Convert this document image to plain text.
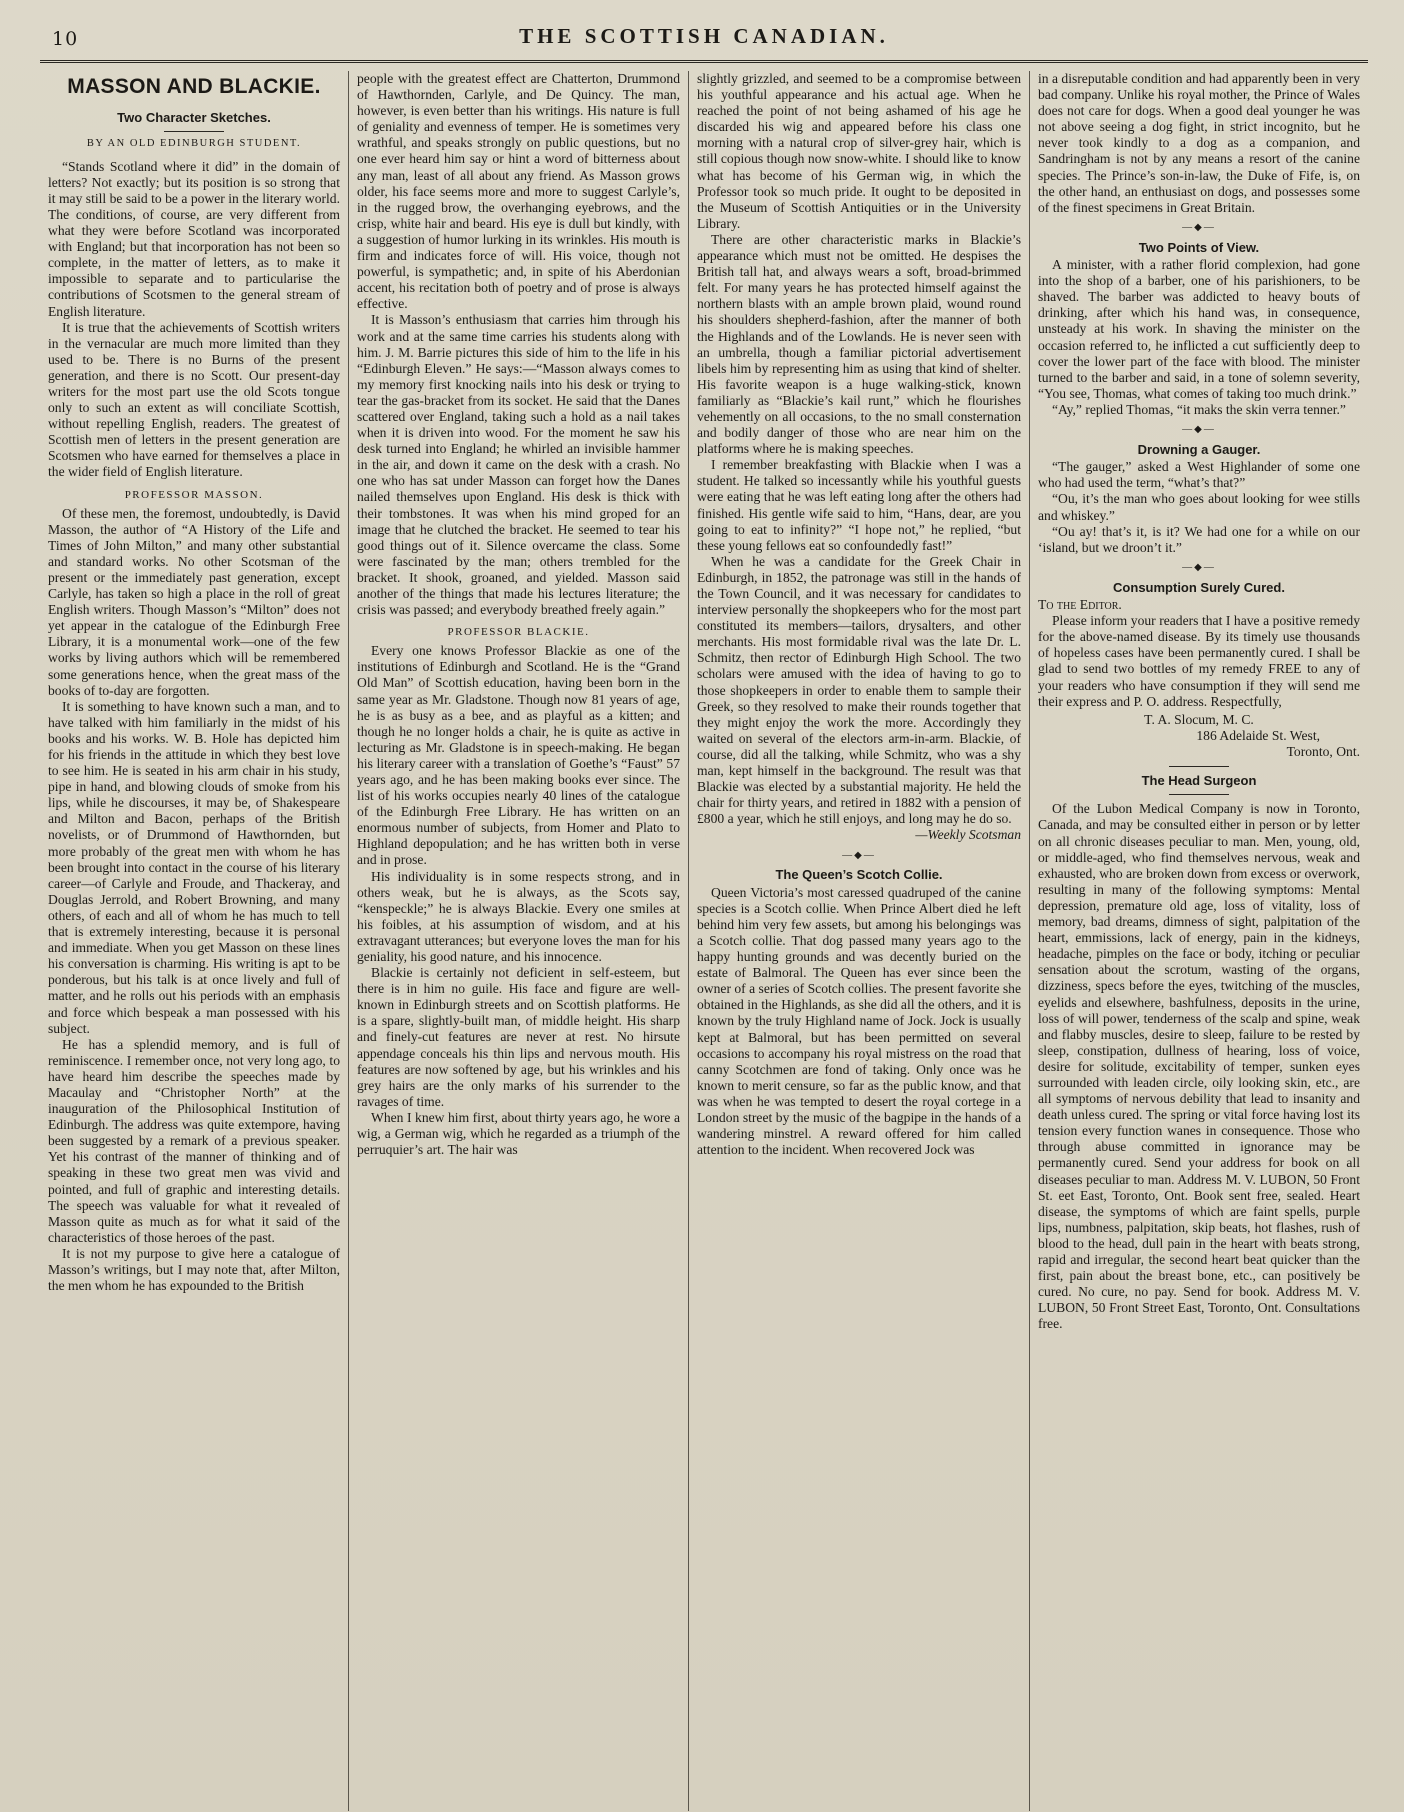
10	THE SCOTTISH CANADIAN.
MASSON AND BLACKIE.
Two Character Sketches.
BY AN OLD EDINBURGH STUDENT.

“Stands Scotland where it did” in the domain of letters? Not exactly; but its position is so strong that it may still be said to be a power in the literary world. The conditions, of course, are very different from what they were before Scotland was incorporated with England; but that incorporation has not been so complete, in the matter of letters, as to make it impossible to separate and to particularise the contributions of Scotsmen to the general stream of English literature.

It is true that the achievements of Scottish writers in the vernacular are much more limited than they used to be. There is no Burns of the present generation, and there is no Scott. Our present-day writers for the most part use the old Scots tongue only to such an extent as will conciliate Scottish, without repelling English, readers. The greatest of Scottish men of letters in the present generation are Scotsmen who have earned for themselves a place in the wider field of English literature.

PROFESSOR MASSON.

Of these men, the foremost, undoubtedly, is David Masson, the author of “A History of the Life and Times of John Milton,” and many other substantial and standard works. No other Scotsman of the present or the immediately past generation, except Carlyle, has taken so high a place in the roll of great English writers. Though Masson’s “Milton” does not yet appear in the catalogue of the Edinburgh Free Library, it is a monumental work—one of the few works by living authors which will be remembered some generations hence, when the great mass of the books of to-day are forgotten.

It is something to have known such a man, and to have talked with him familiarly in the midst of his books and his works. W. B. Hole has depicted him for his friends in the attitude in which they best love to see him. He is seated in his arm chair in his study, pipe in hand, and blowing clouds of smoke from his lips, while he discourses, it may be, of Shakespeare and Milton and Bacon, perhaps of the British novelists, or of Drummond of Hawthornden, but more probably of the great men with whom he has been brought into contact in the course of his literary career—of Carlyle and Froude, and Thackeray, and Douglas Jerrold, and Robert Browning, and many others, of each and all of whom he has much to tell that is extremely interesting, because it is personal and immediate. When you get Masson on these lines his conversation is charming. His writing is apt to be ponderous, but his talk is at once lively and full of matter, and he rolls out his periods with an emphasis and force which bespeak a man possessed with his subject.

He has a splendid memory, and is full of reminiscence. I remember once, not very long ago, to have heard him describe the speeches made by Macaulay and “Christopher North” at the inauguration of the Philosophical Institution of Edinburgh. The address was quite extempore, having been suggested by a remark of a previous speaker. Yet his contrast of the manner of thinking and of speaking in these two great men was vivid and pointed, and full of graphic and interesting details. The speech was valuable for what it revealed of Masson quite as much as for what it said of the characteristics of those heroes of the past.

It is not my purpose to give here a catalogue of Masson’s writings, but I may note that, after Milton, the men whom he has expounded to the British

people with the greatest effect are Chatterton, Drummond of Hawthornden, Carlyle, and De Quincy. The man, however, is even better than his writings. His nature is full of geniality and evenness of temper. He is sometimes very wrathful, and speaks strongly on public questions, but no one ever heard him say or hint a word of bitterness about any man, least of all about any friend. As Masson grows older, his face seems more and more to suggest Carlyle’s, in the rugged brow, the overhanging eyebrows, and the crisp, white hair and beard. His eye is dull but kindly, with a suggestion of humor lurking in its wrinkles. His mouth is firm and indicates force of will. His voice, though not powerful, is sympathetic; and, in spite of his Aberdonian accent, his recitation both of poetry and of prose is always effective.

It is Masson’s enthusiasm that carries him through his work and at the same time carries his students along with him. J. M. Barrie pictures this side of him to the life in his “Edinburgh Eleven.” He says:—“Masson always comes to my memory first knocking nails into his desk or trying to tear the gas-bracket from its socket. He said that the Danes scattered over England, taking such a hold as a nail takes when it is driven into wood. For the moment he saw his desk turned into England; he whirled an invisible hammer in the air, and down it came on the desk with a crash. No one who has sat under Masson can forget how the Danes nailed themselves upon England. His desk is thick with their tombstones. It was when his mind groped for an image that he clutched the bracket. He seemed to tear his good things out of it. Silence overcame the class. Some were fascinated by the man; others trembled for the bracket. It shook, groaned, and yielded. Masson said another of the things that made his lectures literature; the crisis was passed; and everybody breathed freely again.”

PROFESSOR BLACKIE.

Every one knows Professor Blackie as one of the institutions of Edinburgh and Scotland. He is the “Grand Old Man” of Scottish education, having been born in the same year as Mr. Gladstone. Though now 81 years of age, he is as busy as a bee, and as playful as a kitten; and though he no longer holds a chair, he is quite as active in lecturing as Mr. Gladstone is in speech-making. He began his literary career with a translation of Goethe’s “Faust” 57 years ago, and he has been making books ever since. The list of his works occupies nearly 40 lines of the catalogue of the Edinburgh Free Library. He has written on an enormous number of subjects, from Homer and Plato to Highland depopulation; and he has written both in verse and in prose.

His individuality is in some respects strong, and in others weak, but he is always, as the Scots say, “kenspeckle;” he is always Blackie. Every one smiles at his foibles, at his assumption of wisdom, and at his extravagant utterances; but everyone loves the man for his geniality, his good nature, and his innocence.

Blackie is certainly not deficient in self-esteem, but there is in him no guile. His face and figure are well-known in Edinburgh streets and on Scottish platforms. He is a spare, slightly-built man, of middle height. His sharp and finely-cut features are never at rest. No hirsute appendage conceals his thin lips and nervous mouth. His features are now softened by age, but his wrinkles and his grey hairs are the only marks of his surrender to the ravages of time.

When I knew him first, about thirty years ago, he wore a wig, a German wig, which he regarded as a triumph of the perruquier’s art. The hair was

slightly grizzled, and seemed to be a compromise between his youthful appearance and his actual age. When he reached the point of not being ashamed of his age he discarded his wig and appeared before his class one morning with a natural crop of silver-grey hair, which is still copious though now snow-white. I should like to know what has become of his German wig, in which the Professor took so much pride. It ought to be deposited in the Museum of Scottish Antiquities or in the University Library.

There are other characteristic marks in Blackie’s appearance which must not be omitted. He despises the British tall hat, and always wears a soft, broad-brimmed felt. For many years he has protected himself against the northern blasts with an ample brown plaid, wound round his shoulders shepherd-fashion, after the manner of both the Highlands and of the Lowlands. He is never seen with an umbrella, though a familiar pictorial advertisement libels him by representing him as using that kind of shelter. His favorite weapon is a huge walking-stick, known familiarly as “Blackie’s kail runt,” which he flourishes vehemently on all occasions, to the no small consternation and bodily danger of those who are near him on the platforms where he is making speeches.

I remember breakfasting with Blackie when I was a student. He talked so incessantly while his youthful guests were eating that he was left eating long after the others had finished. His gentle wife said to him, “Hans, dear, are you going to eat to infinity?” “I hope not,” he replied, “but these young fellows eat so confoundedly fast!”

When he was a candidate for the Greek Chair in Edinburgh, in 1852, the patronage was still in the hands of the Town Council, and it was necessary for candidates to interview personally the shopkeepers who for the most part constituted its members—tailors, drysalters, and other merchants. His most formidable rival was the late Dr. L. Schmitz, then rector of Edinburgh High School. The two scholars were amused with the idea of having to go to those shopkeepers in order to enable them to sample their Greek, so they resolved to make their rounds together that they might enjoy the work the more. Accordingly they waited on several of the electors arm-in-arm. Blackie, of course, did all the talking, while Schmitz, who was a shy man, kept himself in the background. The result was that Blackie was elected by a substantial majority. He held the chair for thirty years, and retired in 1882 with a pension of £800 a year, which he still enjoys, and long may he do so.

—Weekly Scotsman
—◆—
The Queen’s Scotch Collie.

Queen Victoria’s most caressed quadruped of the canine species is a Scotch collie. When Prince Albert died he left behind him very few assets, but among his belongings was a Scotch collie. That dog passed many years ago to the happy hunting grounds and was decently buried on the estate of Balmoral. The Queen has ever since been the owner of a series of Scotch collies. The present favorite she obtained in the Highlands, as she did all the others, and it is known by the truly Highland name of Jock. Jock is usually kept at Balmoral, but has been permitted on several occasions to accompany his royal mistress on the road that canny Scotchmen are fond of taking. Only once was he known to merit censure, so far as the public know, and that was when he was tempted to desert the royal cortege in a London street by the music of the bagpipe in the hands of a wandering minstrel. A reward offered for him called attention to the incident. When recovered Jock was

in a disreputable condition and had apparently been in very bad company. Unlike his royal mother, the Prince of Wales does not care for dogs. When a good deal younger he was not above seeing a dog fight, in strict incognito, but he never took kindly to a dog as a companion, and Sandringham is not by any means a resort of the canine species. The Prince’s son-in-law, the Duke of Fife, is, on the other hand, an enthusiast on dogs, and possesses some of the finest specimens in Great Britain.

—◆—
Two Points of View.

A minister, with a rather florid complexion, had gone into the shop of a barber, one of his parishioners, to be shaved. The barber was addicted to heavy bouts of drinking, after which his hand was, in consequence, unsteady at his work. In shaving the minister on the occasion referred to, he inflicted a cut sufficiently deep to cover the lower part of the face with blood. The minister turned to the barber and said, in a tone of solemn severity, “You see, Thomas, what comes of taking too much drink.”

“Ay,” replied Thomas, “it maks the skin verra tenner.”

—◆—
Drowning a Gauger.

“The gauger,” asked a West Highlander of some one who had used the term, “what’s that?”

“Ou, it’s the man who goes about looking for wee stills and whiskey.”

“Ou ay! that’s it, is it? We had one for a while on our ‘island, but we droon’t it.”

—◆—
Consumption Surely Cured.

To the Editor.

Please inform your readers that I have a positive remedy for the above-named disease. By its timely use thousands of hopeless cases have been permanently cured. I shall be glad to send two bottles of my remedy FREE to any of your readers who have consumption if they will send me their express and P. O. address. Respectfully,

T. A. Slocum, M. C.
186 Adelaide St. West,
Toronto, Ont.
The Head Surgeon

Of the Lubon Medical Company is now in Toronto, Canada, and may be consulted either in person or by letter on all chronic diseases peculiar to man. Men, young, old, or middle-aged, who find themselves nervous, weak and exhausted, who are broken down from excess or overwork, resulting in many of the following symptoms: Mental depression, premature old age, loss of vitality, loss of memory, bad dreams, dimness of sight, palpitation of the heart, emmissions, lack of energy, pain in the kidneys, headache, pimples on the face or body, itching or peculiar sensation about the scrotum, wasting of the organs, dizziness, specs before the eyes, twitching of the muscles, eyelids and elsewhere, bashfulness, deposits in the urine, loss of will power, tenderness of the scalp and spine, weak and flabby muscles, desire to sleep, failure to be rested by sleep, constipation, dullness of hearing, loss of voice, desire for solitude, excitability of temper, sunken eyes surrounded with leaden circle, oily looking skin, etc., are all symptoms of nervous debility that lead to insanity and death unless cured. The spring or vital force having lost its tension every function wanes in consequence. Those who through abuse committed in ignorance may be permanently cured. Send your address for book on all diseases peculiar to man. Address M. V. LUBON, 50 Front St. eet East, Toronto, Ont. Book sent free, sealed. Heart disease, the symptoms of which are faint spells, purple lips, numbness, palpitation, skip beats, hot flashes, rush of blood to the head, dull pain in the heart with beats strong, rapid and irregular, the second heart beat quicker than the first, pain about the breast bone, etc., can positively be cured. No cure, no pay. Send for book. Address M. V. LUBON, 50 Front Street East, Toronto, Ont. Consultations free.
